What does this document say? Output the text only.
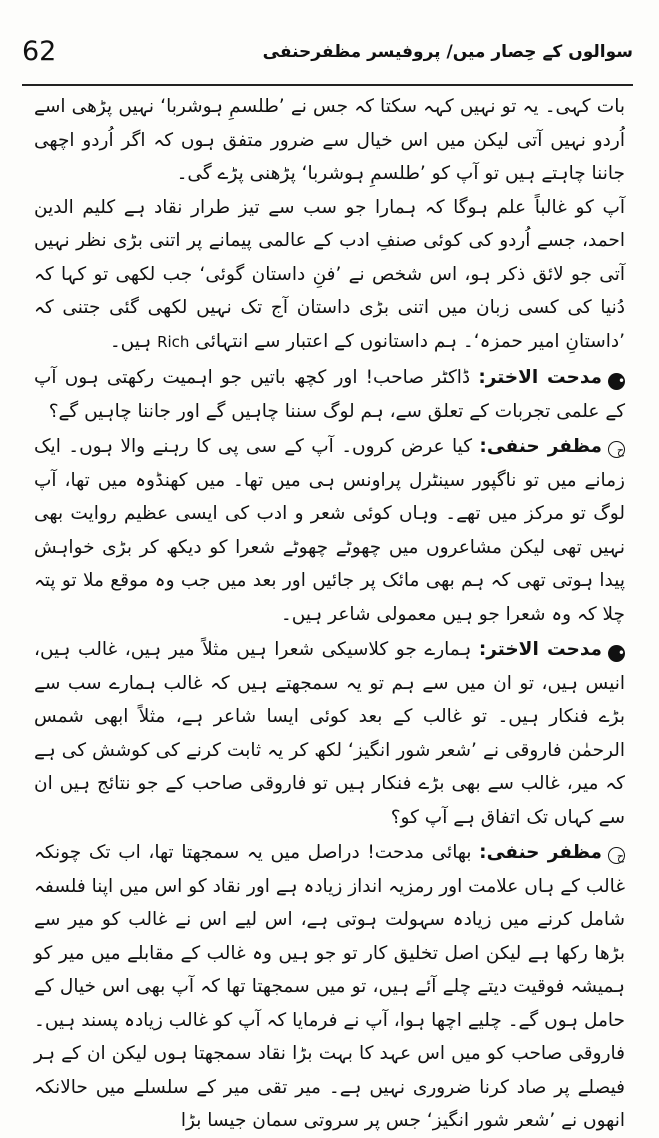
62	سوالوں کے حِصار میں/ پروفیسر مظفرحنفی

بات کہی۔ یہ تو نہیں کہہ سکتا کہ جس نے ’طلسمِ ہوشربا‘ نہیں پڑھی اسے اُردو نہیں آتی لیکن میں اس خیال سے ضرور متفق ہوں کہ اگر اُردو اچھی جاننا چاہتے ہیں تو آپ کو ’طلسمِ ہوشربا‘ پڑھنی پڑے گی۔

آپ کو غالباً علم ہوگا کہ ہمارا جو سب سے تیز طرار نقاد ہے کلیم الدین احمد، جسے اُردو کی کوئی صنفِ ادب کے عالمی پیمانے پر اتنی بڑی نظر نہیں آتی جو لائق ذکر ہو، اس شخص نے ’فنِ داستان گوئی‘ جب لکھی تو کہا کہ دُنیا کی کسی زبان میں اتنی بڑی داستان آج تک نہیں لکھی گئی جتنی کہ ’داستانِ امیر حمزہ‘۔ ہم داستانوں کے اعتبار سے انتہائی Rich ہیں۔

•مدحت الاختر: ڈاکٹر صاحب! اور کچھ باتیں جو اہمیت رکھتی ہوں آپ کے علمی تجربات کے تعلق سے، ہم لوگ سننا چاہیں گے اور جاننا چاہیں گے؟

حمظفر حنفی: کیا عرض کروں۔ آپ کے سی پی کا رہنے والا ہوں۔ ایک زمانے میں تو ناگپور سینٹرل پراونس ہی میں تھا۔ میں کھنڈوہ میں تھا، آپ لوگ تو مرکز میں تھے۔ وہاں کوئی شعر و ادب کی ایسی عظیم روایت بھی نہیں تھی لیکن مشاعروں میں چھوٹے چھوٹے شعرا کو دیکھ کر بڑی خواہش پیدا ہوتی تھی کہ ہم بھی مائک پر جائیں اور بعد میں جب وہ موقع ملا تو پتہ چلا کہ وہ شعرا جو ہیں معمولی شاعر ہیں۔

•مدحت الاختر: ہمارے جو کلاسیکی شعرا ہیں مثلاً میر ہیں، غالب ہیں، انیس ہیں، تو ان میں سے ہم تو یہ سمجھتے ہیں کہ غالب ہمارے سب سے بڑے فنکار ہیں۔ تو غالب کے بعد کوئی ایسا شاعر ہے، مثلاً ابھی شمس الرحمٰن فاروقی نے ’شعر شور انگیز‘ لکھ کر یہ ثابت کرنے کی کوشش کی ہے کہ میر، غالب سے بھی بڑے فنکار ہیں تو فاروقی صاحب کے جو نتائج ہیں ان سے کہاں تک اتفاق ہے آپ کو؟

حمظفر حنفی: بھائی مدحت! دراصل میں یہ سمجھتا تھا، اب تک چونکہ غالب کے ہاں علامت اور رمزیہ انداز زیادہ ہے اور نقاد کو اس میں اپنا فلسفہ شامل کرنے میں زیادہ سہولت ہوتی ہے، اس لیے اس نے غالب کو میر سے بڑھا رکھا ہے لیکن اصل تخلیق کار تو جو ہیں وہ غالب کے مقابلے میں میر کو ہمیشہ فوقیت دیتے چلے آئے ہیں، تو میں سمجھتا تھا کہ آپ بھی اس خیال کے حامل ہوں گے۔ چلیے اچھا ہوا، آپ نے فرمایا کہ آپ کو غالب زیادہ پسند ہیں۔ فاروقی صاحب کو میں اس عہد کا بہت بڑا نقاد سمجھتا ہوں لیکن ان کے ہر فیصلے پر صاد کرنا ضروری نہیں ہے۔ میر تقی میر کے سلسلے میں حالانکہ انھوں نے ’شعر شور انگیز‘ جس پر سروتی سمان جیسا بڑا
